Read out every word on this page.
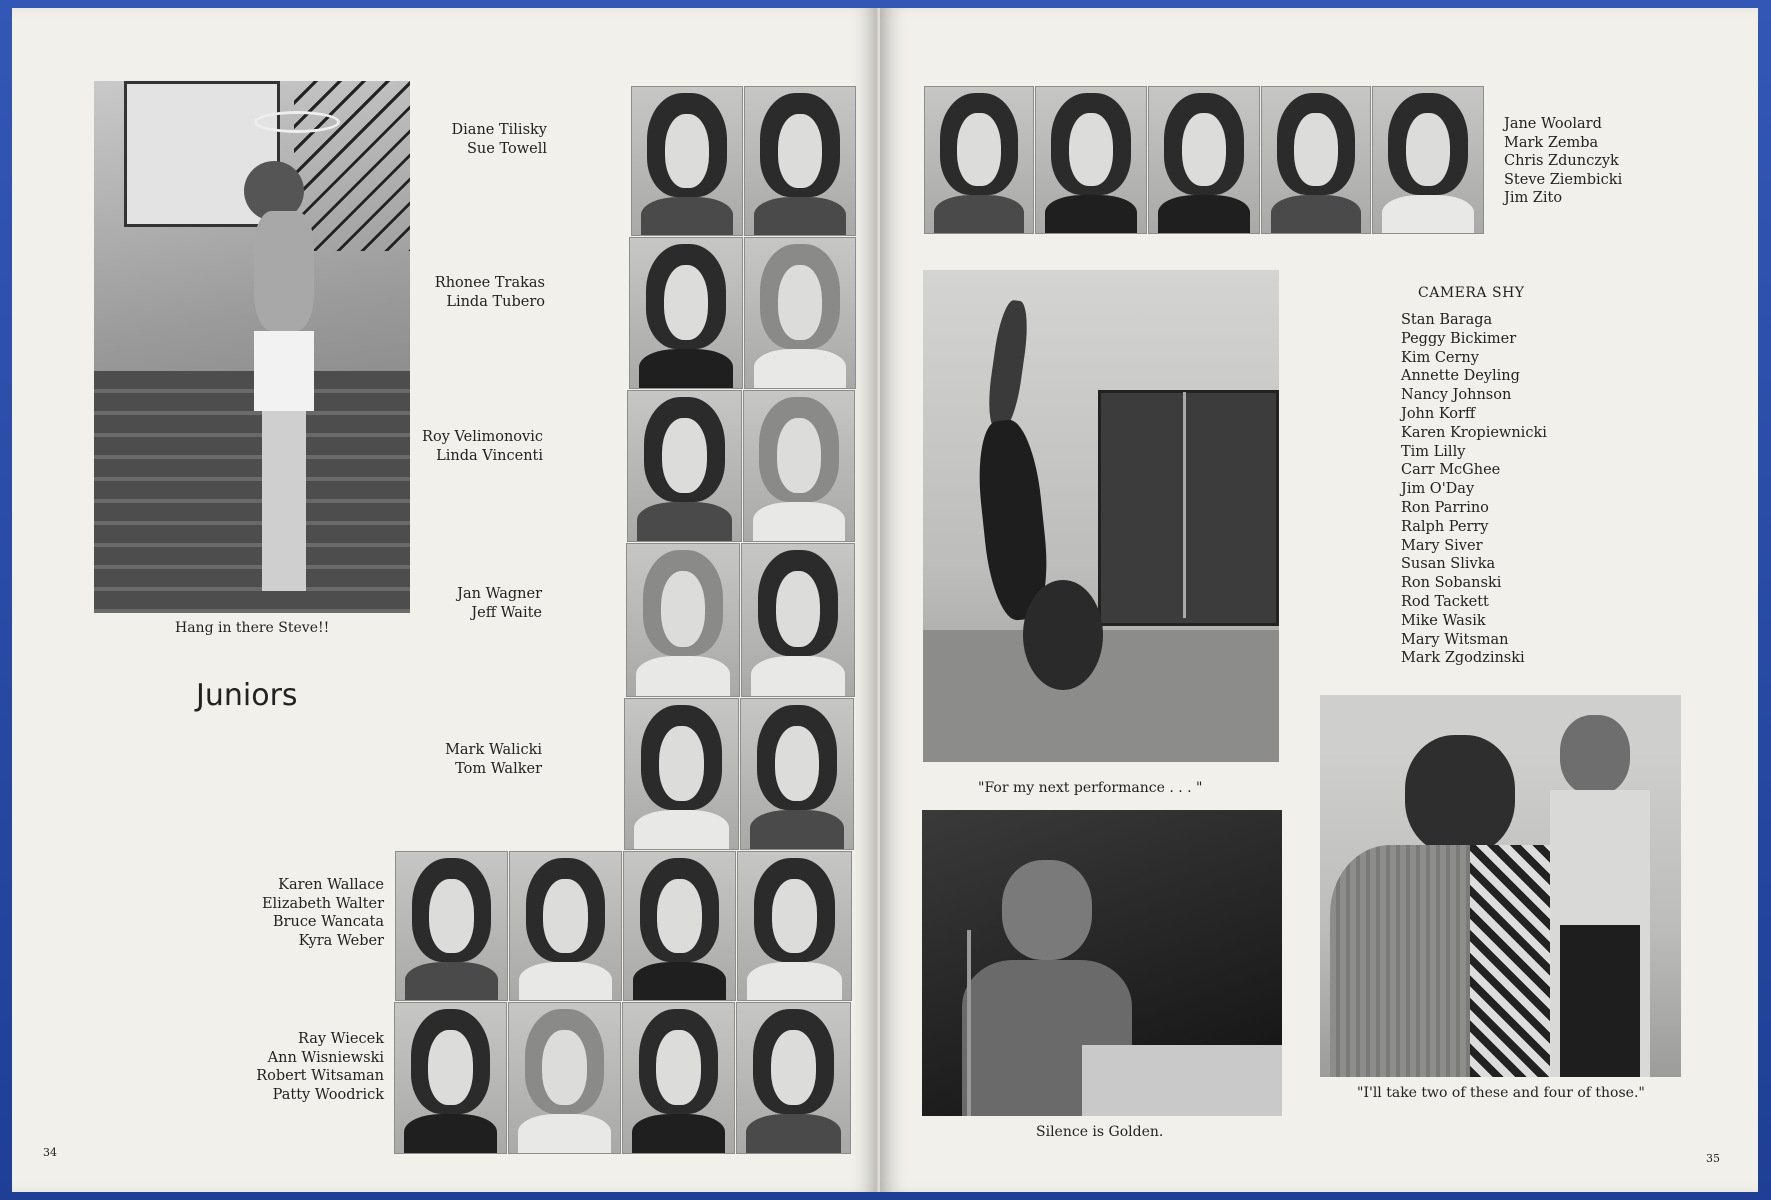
Hang in there Steve!!
Juniors
Diane Tilisky
Sue Towell
Rhonee Trakas
Linda Tubero
Roy Velimonovic
Linda Vincenti
Jan Wagner
Jeff Waite
Mark Walicki
Tom Walker
Karen Wallace
Elizabeth Walter
Bruce Wancata
Kyra Weber
Ray Wiecek
Ann Wisniewski
Robert Witsaman
Patty Woodrick
34
Jane Woolard
Mark Zemba
Chris Zdunczyk
Steve Ziembicki
Jim Zito
"For my next performance . . . "
Silence is Golden.
CAMERA SHY
Stan Baraga
Peggy Bickimer
Kim Cerny
Annette Deyling
Nancy Johnson
John Korff
Karen Kropiewnicki
Tim Lilly
Carr McGhee
Jim O'Day
Ron Parrino
Ralph Perry
Mary Siver
Susan Slivka
Ron Sobanski
Rod Tackett
Mike Wasik
Mary Witsman
Mark Zgodzinski
"I'll take two of these and four of those."
35
